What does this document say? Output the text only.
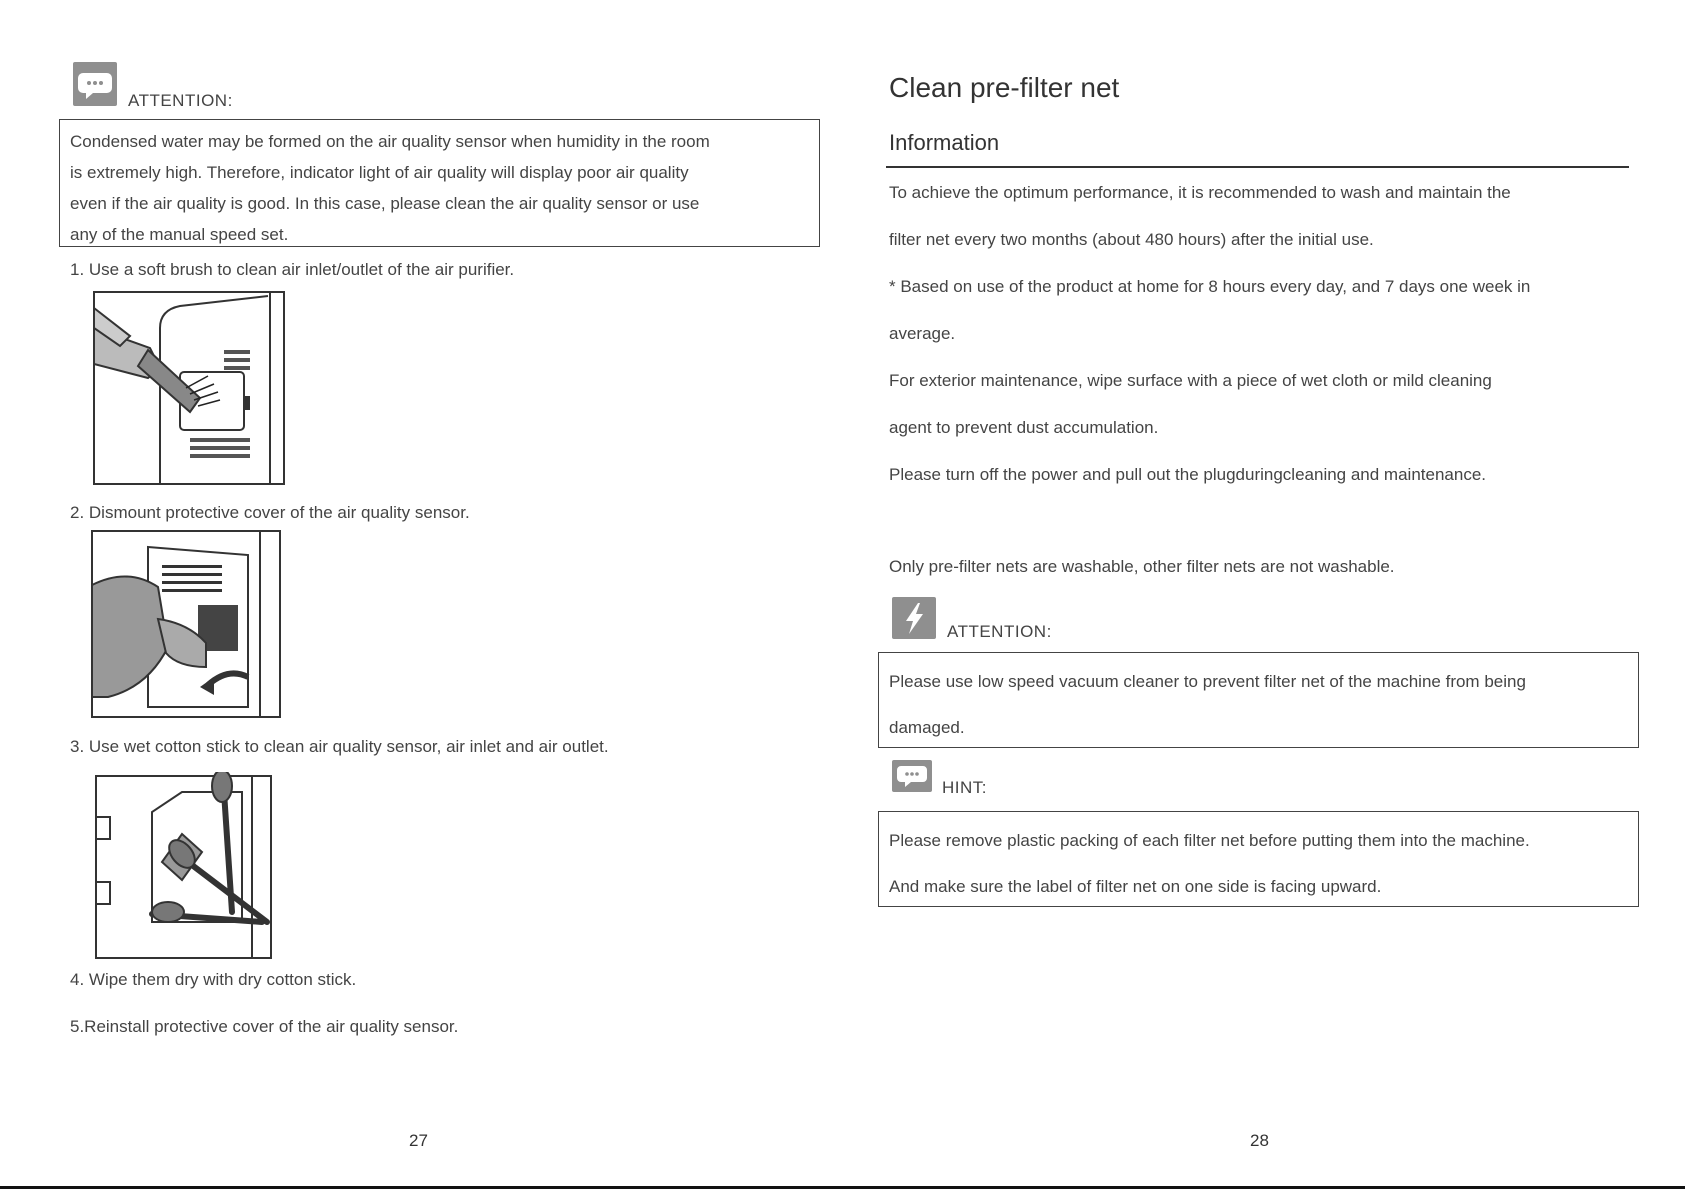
ATTENTION:

Condensed water may be formed on the air quality sensor when humidity in the room

is extremely high. Therefore, indicator light of air quality will display poor air quality

even if the air quality is good. In this case, please clean the air quality sensor or use

any of the manual speed set.

1. Use a soft brush to clean air inlet/outlet of the air purifier.
2. Dismount protective cover of the air quality sensor.
3. Use wet cotton stick to clean air quality sensor, air inlet and air outlet.
4. Wipe them dry with dry cotton stick.
5.Reinstall protective cover of the air quality sensor.
27
Clean pre-filter net
Information
To achieve the optimum performance, it is recommended to wash and maintain the
filter net every two months (about 480 hours) after the initial use.
* Based on use of the product at home for 8 hours every day, and 7 days one week in
average.
For exterior maintenance, wipe surface with a piece of wet cloth or mild cleaning
agent to prevent dust accumulation.
Please turn off the power and pull out the plugduringcleaning and maintenance.
Only pre-filter nets are washable, other filter nets are not washable.
ATTENTION:

Please use low speed vacuum cleaner to prevent filter net of the machine from being

damaged.

HINT:

Please remove plastic packing of each filter net before putting them into the machine.

And make sure the label of filter net on one side is facing upward.

28
